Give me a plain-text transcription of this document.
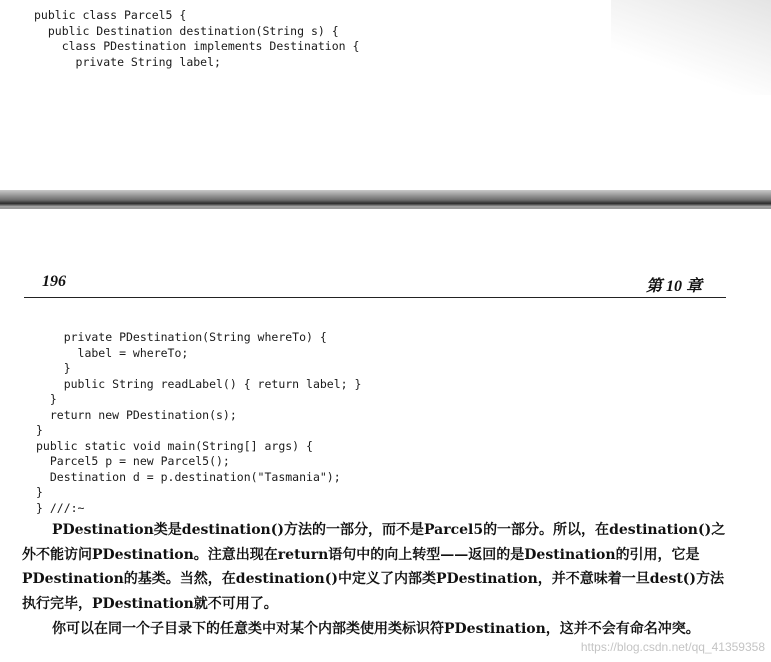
public class Parcel5 {
public Destination destination(String s) {
class PDestination implements Destination {
private String label;
196	第 10 章
private PDestination(String whereTo) {
label = whereTo;
}
public String readLabel() { return label; }
}
return new PDestination(s);
}
public static void main(String[] args) {
Parcel5 p = new Parcel5();
Destination d = p.destination("Tasmania");
}
} ///:~

PDestination类是destination()方法的一部分，而不是Parcel5的一部分。所以，在destination()之外不能访问PDestination。注意出现在return语句中的向上转型——返回的是Destination的引用，它是PDestination的基类。当然，在destination()中定义了内部类PDestination，并不意味着一旦dest()方法执行完毕，PDestination就不可用了。

你可以在同一个子目录下的任意类中对某个内部类使用类标识符PDestination，这并不会有命名冲突。

https://blog.csdn.net/qq_41359358
